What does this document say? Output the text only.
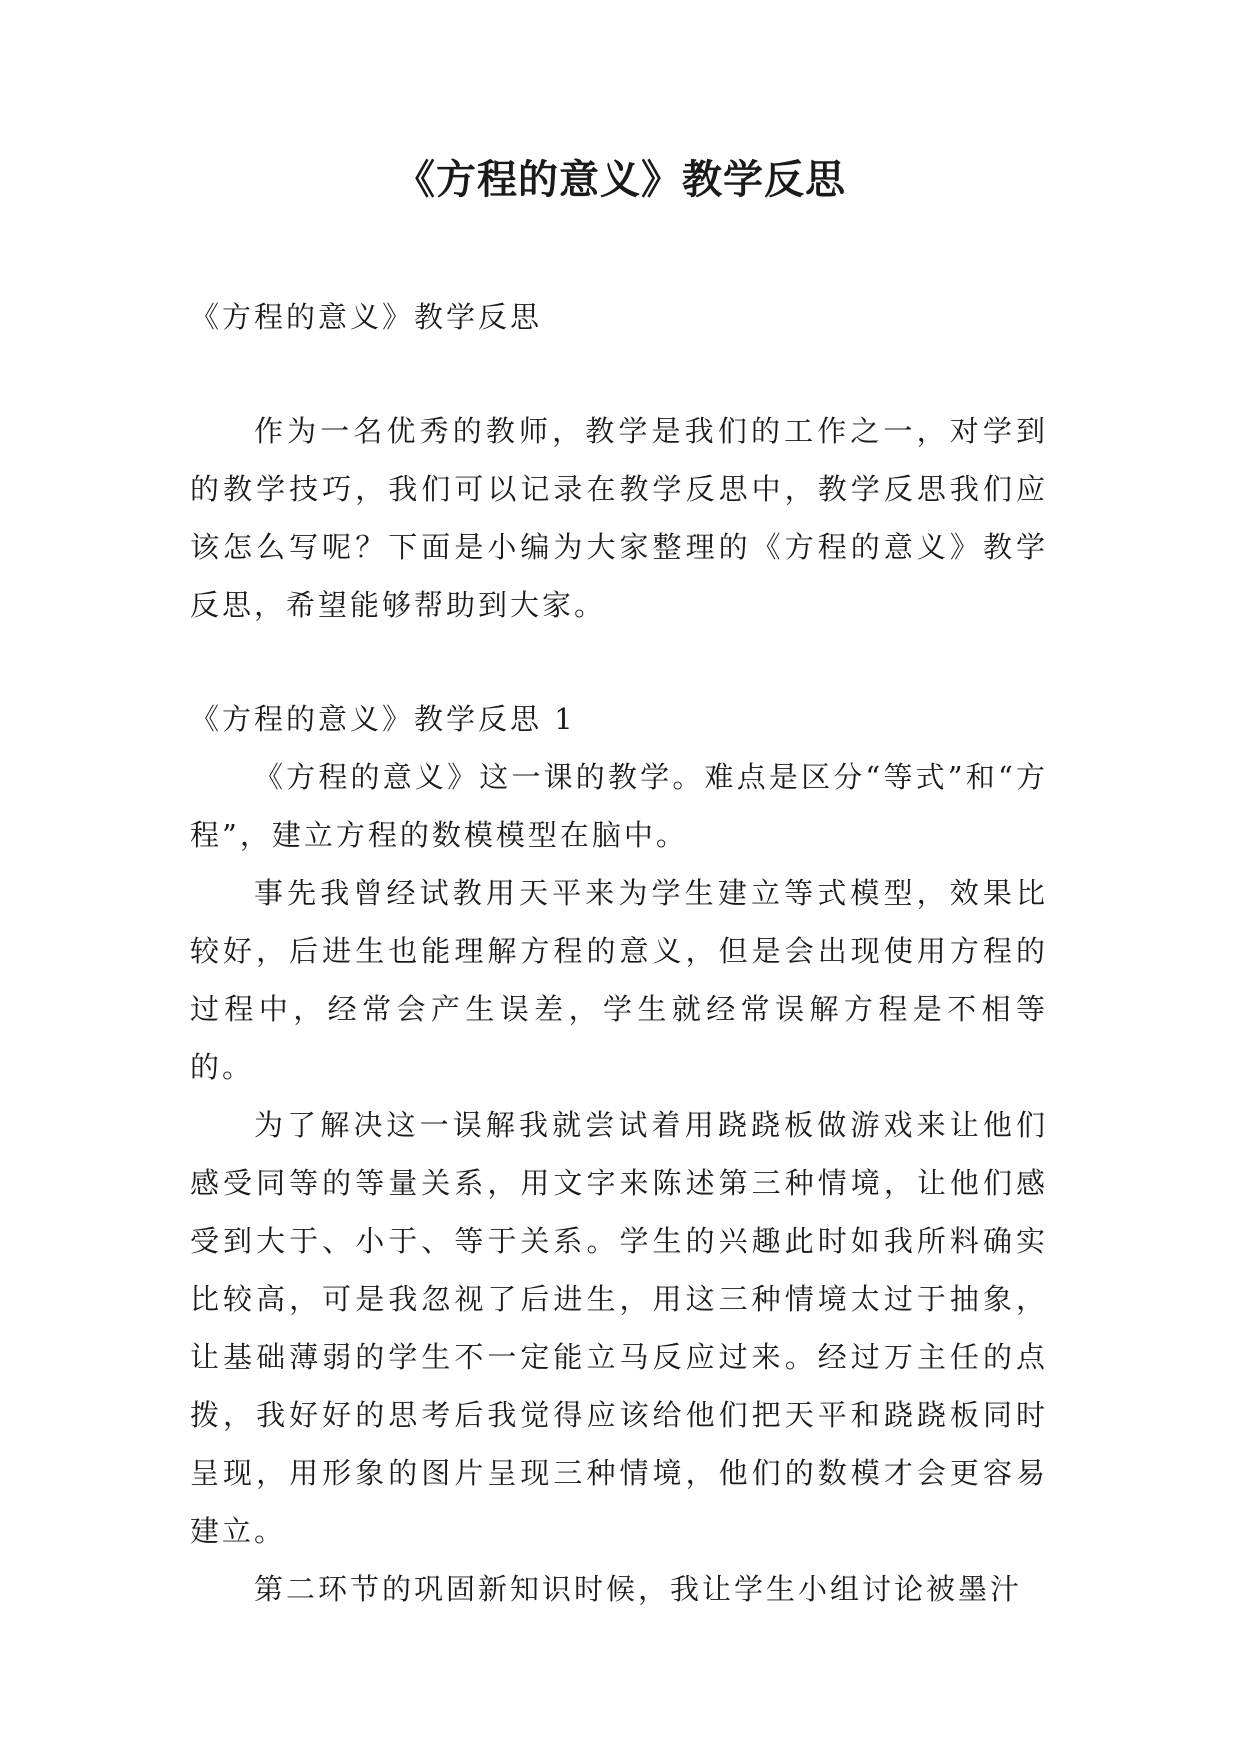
《方程的意义》教学反思

《方程的意义》教学反思

作为一名优秀的教师，教学是我们的工作之一，对学到的教学技巧，我们可以记录在教学反思中，教学反思我们应该怎么写呢？下面是小编为大家整理的《方程的意义》教学反思，希望能够帮助到大家。

《方程的意义》教学反思 1

《方程的意义》这一课的教学。难点是区分“等式”和“方程”，建立方程的数模模型在脑中。

事先我曾经试教用天平来为学生建立等式模型，效果比较好，后进生也能理解方程的意义，但是会出现使用方程的过程中，经常会产生误差，学生就经常误解方程是不相等的。

为了解决这一误解我就尝试着用跷跷板做游戏来让他们感受同等的等量关系，用文字来陈述第三种情境，让他们感受到大于、小于、等于关系。学生的兴趣此时如我所料确实比较高，可是我忽视了后进生，用这三种情境太过于抽象，让基础薄弱的学生不一定能立马反应过来。经过万主任的点拨，我好好的思考后我觉得应该给他们把天平和跷跷板同时呈现，用形象的图片呈现三种情境，他们的数模才会更容易建立。

第二环节的巩固新知识时候，我让学生小组讨论被墨汁
